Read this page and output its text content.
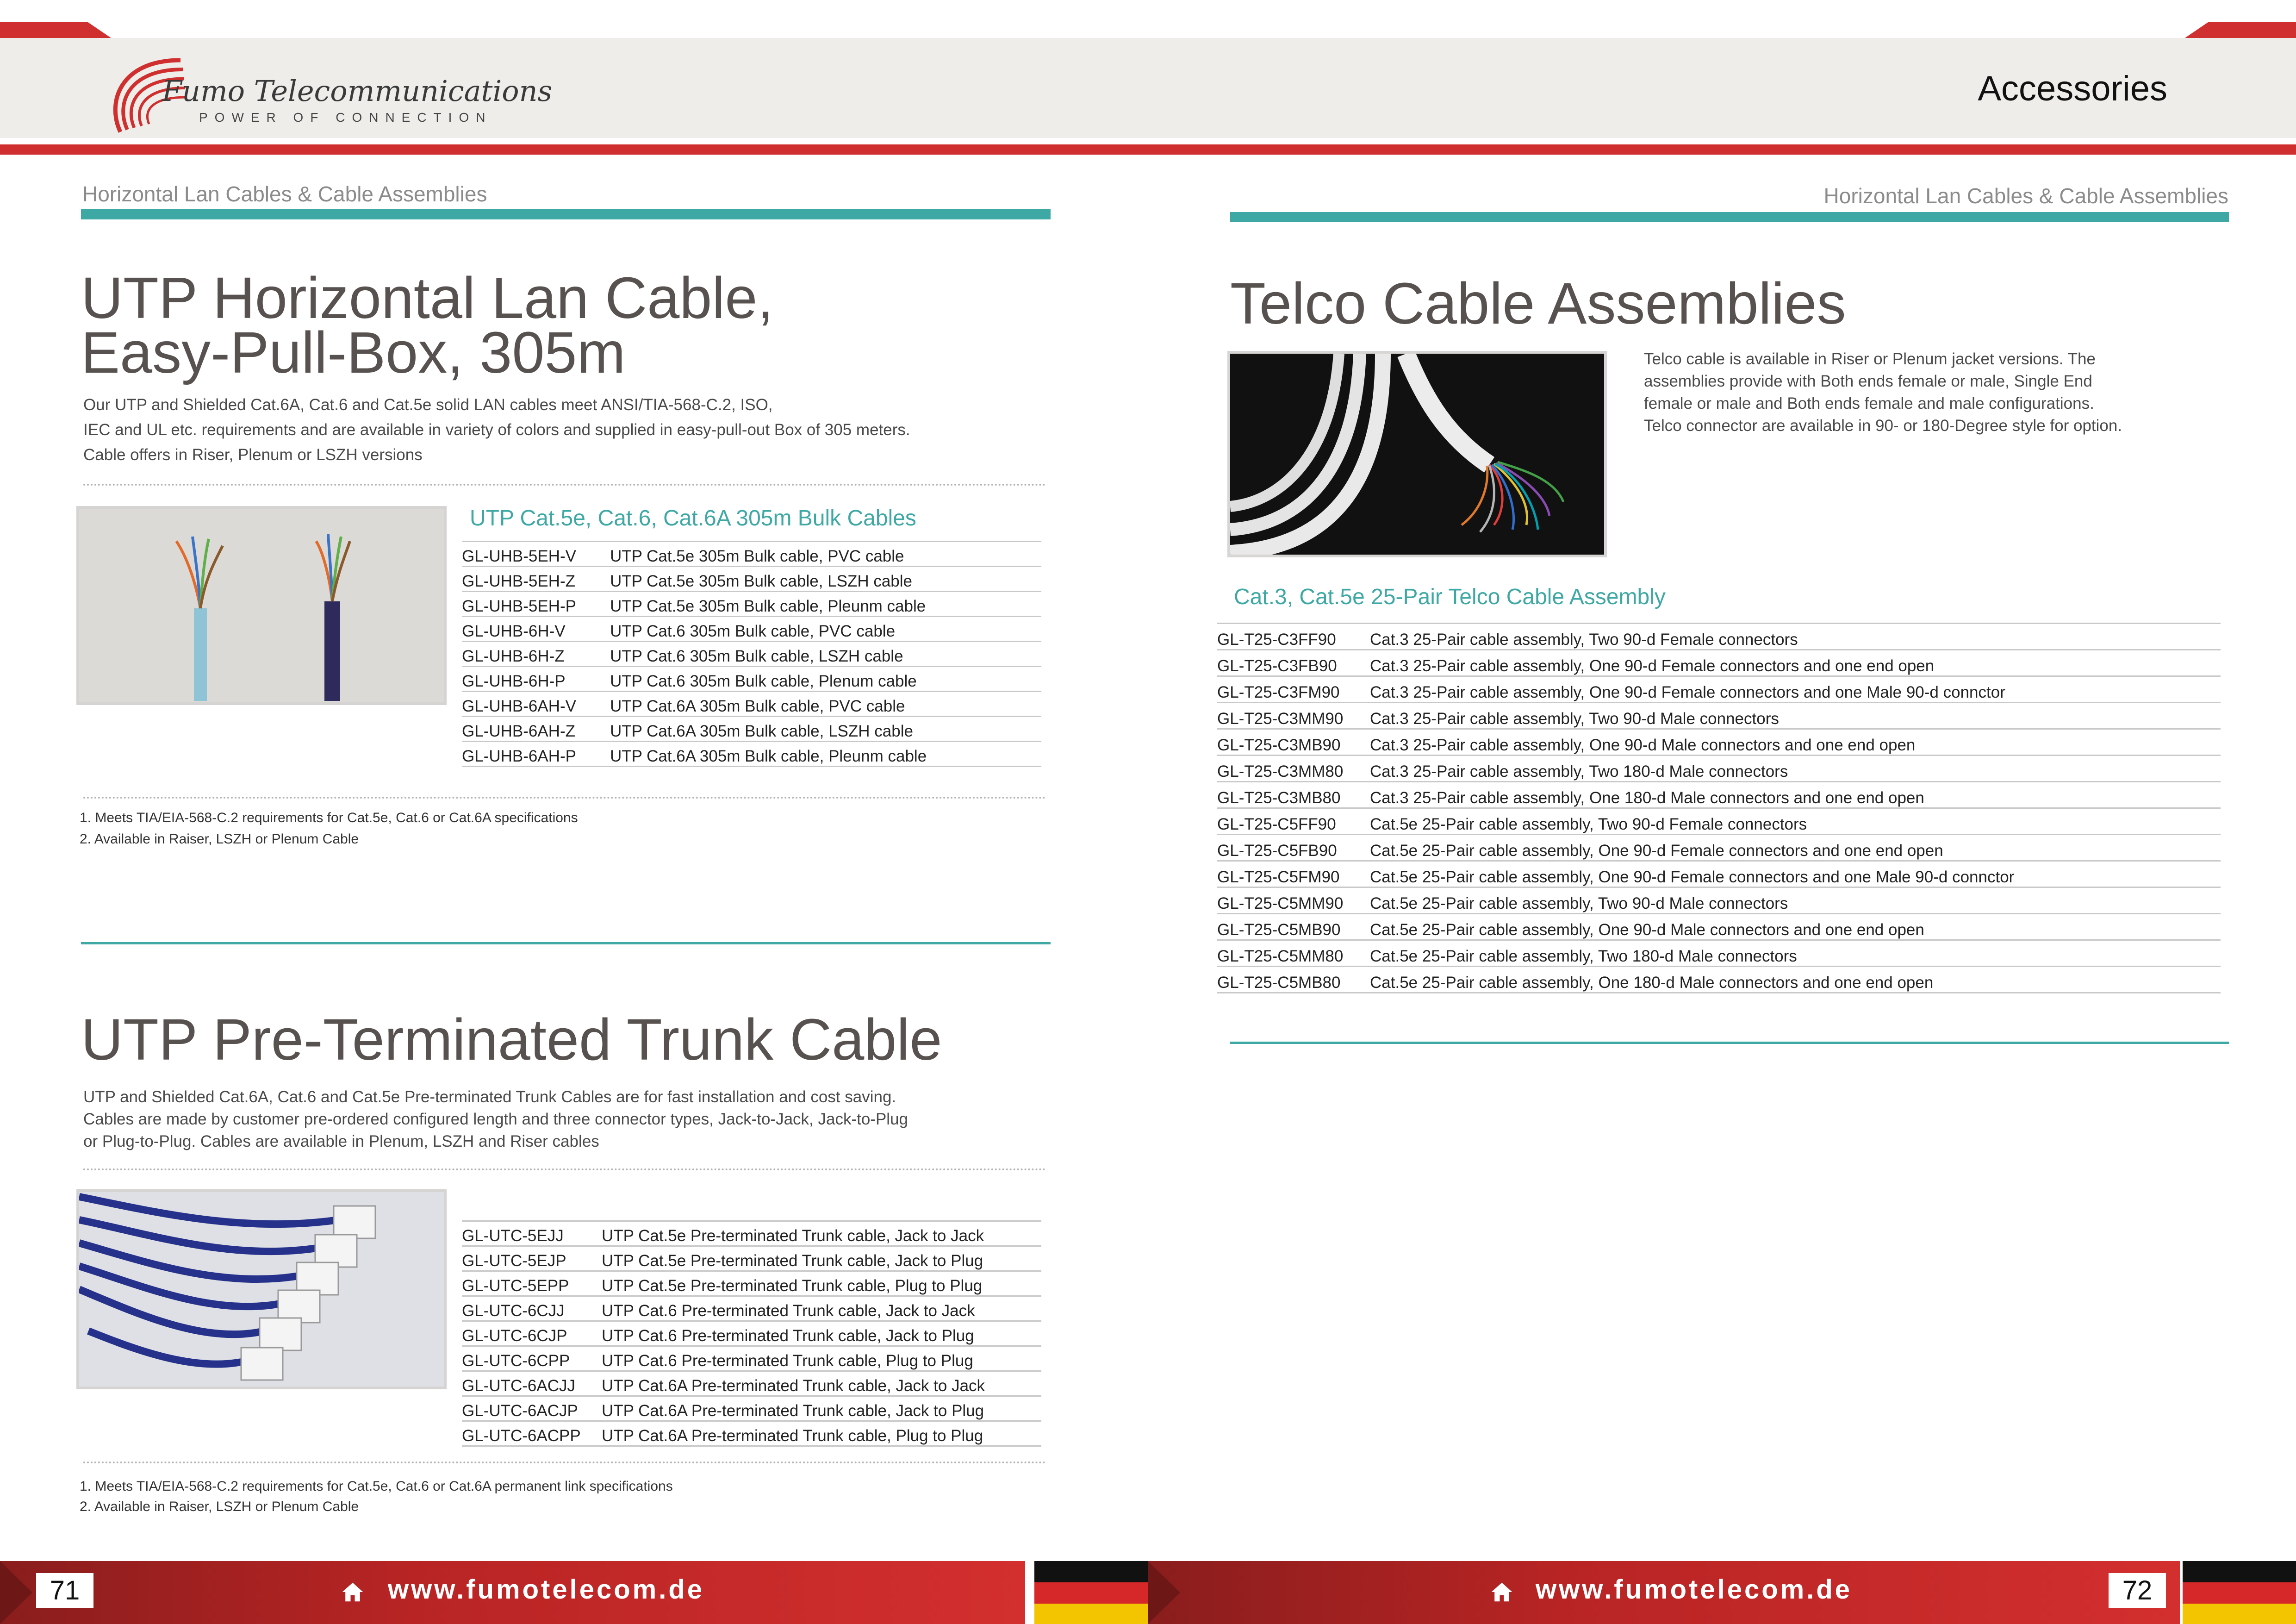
Fumo Telecommunications
POWER OF CONNECTION
Accessories
Horizontal Lan Cables & Cable Assemblies
UTP Horizontal Lan Cable,
Easy-Pull-Box, 305m
Our UTP and Shielded Cat.6A, Cat.6 and Cat.5e solid LAN cables meet ANSI/TIA-568-C.2, ISO,
IEC and UL etc. requirements and are available in variety of colors and supplied in easy-pull-out Box of 305 meters.
Cable offers in Riser, Plenum or LSZH versions
UTP Cat.5e, Cat.6, Cat.6A 305m Bulk Cables
GL-UHB-5EH-V	UTP Cat.5e 305m Bulk cable, PVC cable
GL-UHB-5EH-Z	UTP Cat.5e 305m Bulk cable, LSZH cable
GL-UHB-5EH-P	UTP Cat.5e 305m Bulk cable, Pleunm cable
GL-UHB-6H-V	UTP Cat.6 305m Bulk cable, PVC cable
GL-UHB-6H-Z	UTP Cat.6 305m Bulk cable, LSZH cable
GL-UHB-6H-P	UTP Cat.6 305m Bulk cable, Plenum cable
GL-UHB-6AH-V	UTP Cat.6A 305m Bulk cable, PVC cable
GL-UHB-6AH-Z	UTP Cat.6A 305m Bulk cable, LSZH cable
GL-UHB-6AH-P	UTP Cat.6A 305m Bulk cable, Pleunm cable
1. Meets TIA/EIA-568-C.2 requirements for Cat.5e, Cat.6 or Cat.6A specifications
2. Available in Raiser, LSZH or Plenum Cable
UTP Pre-Terminated Trunk Cable
UTP and Shielded Cat.6A, Cat.6 and Cat.5e Pre-terminated Trunk Cables are for fast installation and cost saving.
Cables are made by customer pre-ordered configured length and three connector types, Jack-to-Jack, Jack-to-Plug
or Plug-to-Plug. Cables are available in Plenum, LSZH and Riser cables
GL-UTC-5EJJ	UTP Cat.5e Pre-terminated Trunk cable, Jack to Jack
GL-UTC-5EJP	UTP Cat.5e Pre-terminated Trunk cable, Jack to Plug
GL-UTC-5EPP	UTP Cat.5e Pre-terminated Trunk cable, Plug to Plug
GL-UTC-6CJJ	UTP Cat.6 Pre-terminated Trunk cable, Jack to Jack
GL-UTC-6CJP	UTP Cat.6 Pre-terminated Trunk cable, Jack to Plug
GL-UTC-6CPP	UTP Cat.6 Pre-terminated Trunk cable, Plug to Plug
GL-UTC-6ACJJ	UTP Cat.6A Pre-terminated Trunk cable, Jack to Jack
GL-UTC-6ACJP	UTP Cat.6A Pre-terminated Trunk cable, Jack to Plug
GL-UTC-6ACPP	UTP Cat.6A Pre-terminated Trunk cable, Plug to Plug
1. Meets TIA/EIA-568-C.2 requirements for Cat.5e, Cat.6 or Cat.6A permanent link specifications
2. Available in Raiser, LSZH or Plenum Cable
Horizontal Lan Cables & Cable Assemblies
Telco Cable Assemblies
Telco cable is available in Riser or Plenum jacket versions. The
assemblies provide with Both ends female or male, Single End
female or male and Both ends female and male configurations.
Telco connector are available in 90- or 180-Degree style for option.
Cat.3, Cat.5e 25-Pair Telco Cable Assembly
GL-T25-C3FF90	Cat.3 25-Pair cable assembly, Two 90-d Female connectors
GL-T25-C3FB90	Cat.3 25-Pair cable assembly, One 90-d Female connectors and one end open
GL-T25-C3FM90	Cat.3 25-Pair cable assembly, One 90-d Female connectors and one Male 90-d connctor
GL-T25-C3MM90	Cat.3 25-Pair cable assembly, Two 90-d Male connectors
GL-T25-C3MB90	Cat.3 25-Pair cable assembly, One 90-d Male connectors and one end open
GL-T25-C3MM80	Cat.3 25-Pair cable assembly, Two 180-d Male connectors
GL-T25-C3MB80	Cat.3 25-Pair cable assembly, One 180-d Male connectors and one end open
GL-T25-C5FF90	Cat.5e 25-Pair cable assembly, Two 90-d Female connectors
GL-T25-C5FB90	Cat.5e 25-Pair cable assembly, One 90-d Female connectors and one end open
GL-T25-C5FM90	Cat.5e 25-Pair cable assembly, One 90-d Female connectors and one Male 90-d connctor
GL-T25-C5MM90	Cat.5e 25-Pair cable assembly, Two 90-d Male connectors
GL-T25-C5MB90	Cat.5e 25-Pair cable assembly, One 90-d Male connectors and one end open
GL-T25-C5MM80	Cat.5e 25-Pair cable assembly, Two 180-d Male connectors
GL-T25-C5MB80	Cat.5e 25-Pair cable assembly, One 180-d Male connectors and one end open
71	www.fumotelecom.de	www.fumotelecom.de	72
